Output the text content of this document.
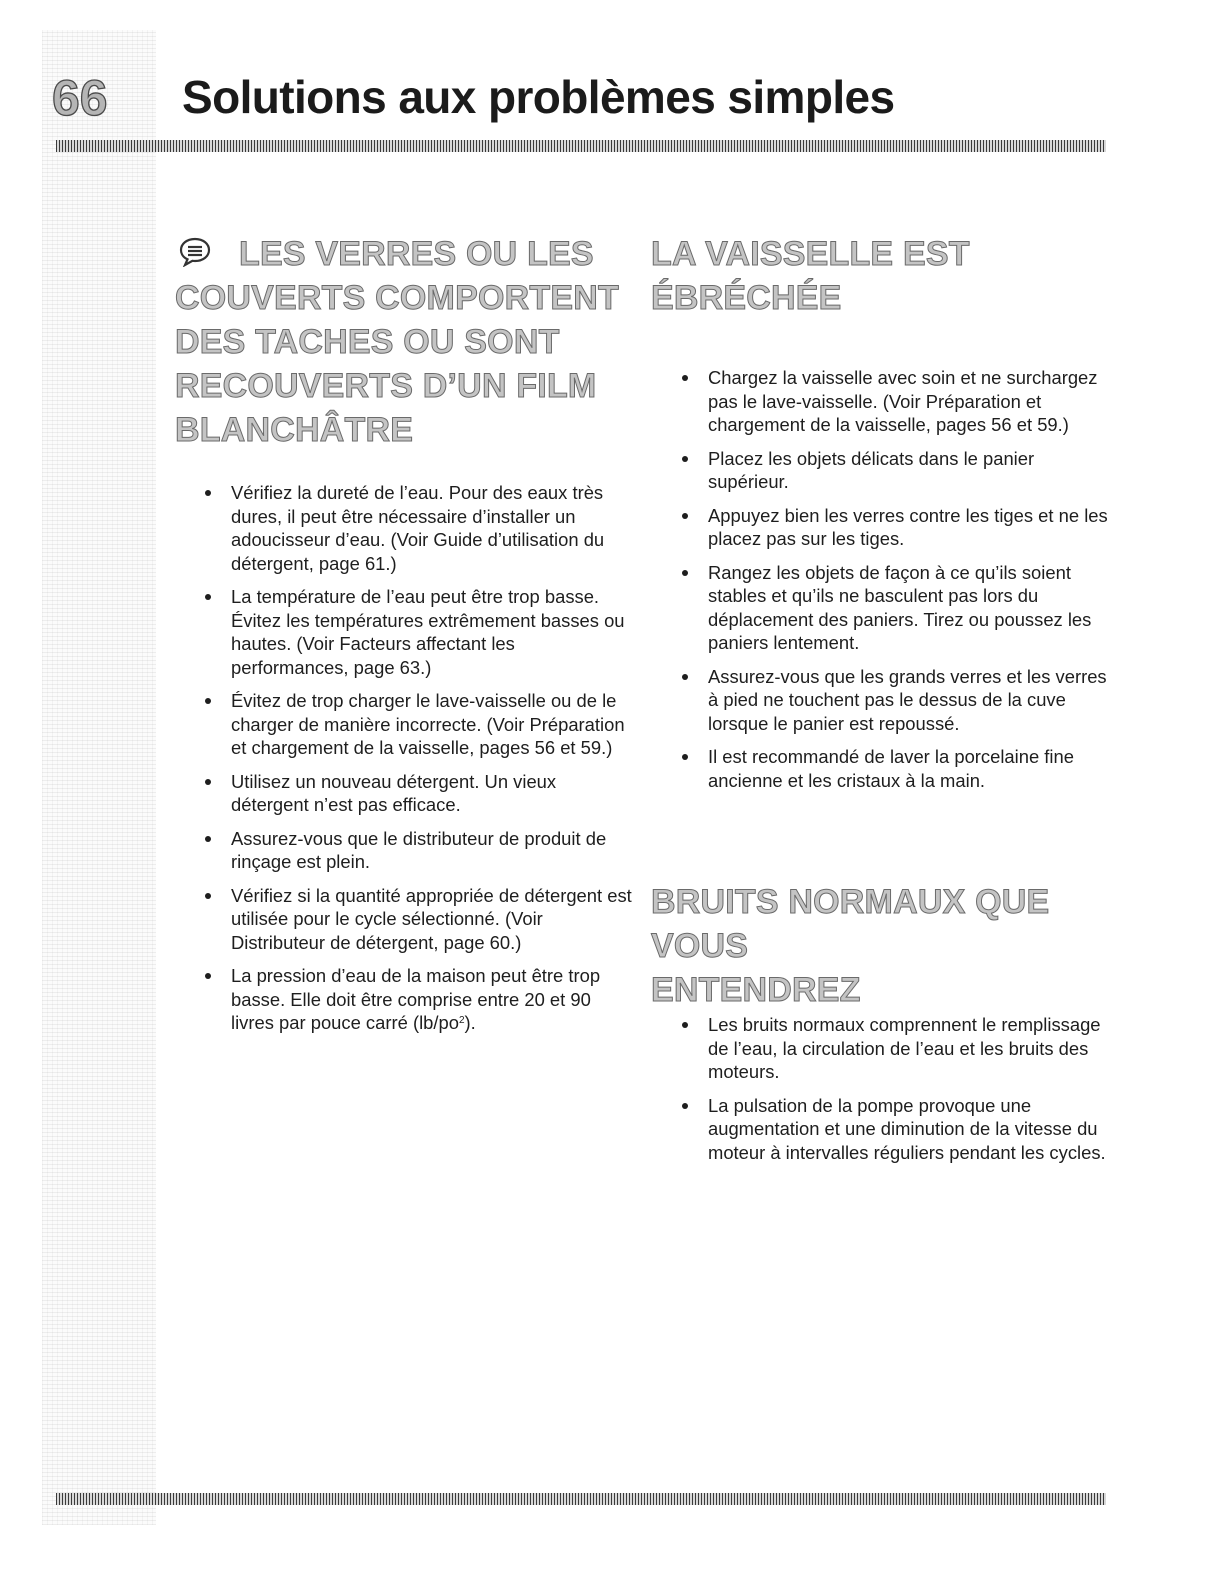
66	Solutions aux problèmes simples
LES VERRES OU LES
COUVERTS COMPORTENT
DES TACHES OU SONT
RECOUVERTS D’UN FILM
BLANCHÂTRE
Vérifiez la dureté de l’eau. Pour des eaux très dures, il peut être nécessaire d’installer un adoucisseur d’eau. (Voir Guide d’utilisation du détergent, page 61.)
La température de l’eau peut être trop basse. Évitez les températures extrêmement basses ou hautes. (Voir Facteurs affectant les performances, page 63.)
Évitez de trop charger le lave-vaisselle ou de le charger de manière incorrecte. (Voir Préparation et chargement de la vaisselle, pages 56 et 59.)
Utilisez un nouveau détergent. Un vieux détergent n’est pas efficace.
Assurez-vous que le distributeur de produit de rinçage est plein.
Vérifiez si la quantité appropriée de détergent est utilisée pour le cycle sélectionné. (Voir Distributeur de détergent, page 60.)
La pression d’eau de la maison peut être trop basse. Elle doit être comprise entre 20 et 90 livres par pouce carré $(lb/po^2)$.
LA VAISSELLE EST
ÉBRÉCHÉE
Chargez la vaisselle avec soin et ne surchargez pas le lave-vaisselle. (Voir Préparation et chargement de la vaisselle, pages 56 et 59.)
Placez les objets délicats dans le panier supérieur.
Appuyez bien les verres contre les tiges et ne les placez pas sur les tiges.
Rangez les objets de façon à ce qu’ils soient stables et qu’ils ne basculent pas lors du déplacement des paniers. Tirez ou poussez les paniers lentement.
Assurez-vous que les grands verres et les verres à pied ne touchent pas le dessus de la cuve lorsque le panier est repoussé.
Il est recommandé de laver la porcelaine fine ancienne et les cristaux à la main.
BRUITS NORMAUX QUE VOUS
ENTENDREZ
Les bruits normaux comprennent le remplissage de l’eau, la circulation de l’eau et les bruits des moteurs.
La pulsation de la pompe provoque une augmentation et une diminution de la vitesse du moteur à intervalles réguliers pendant les cycles.
